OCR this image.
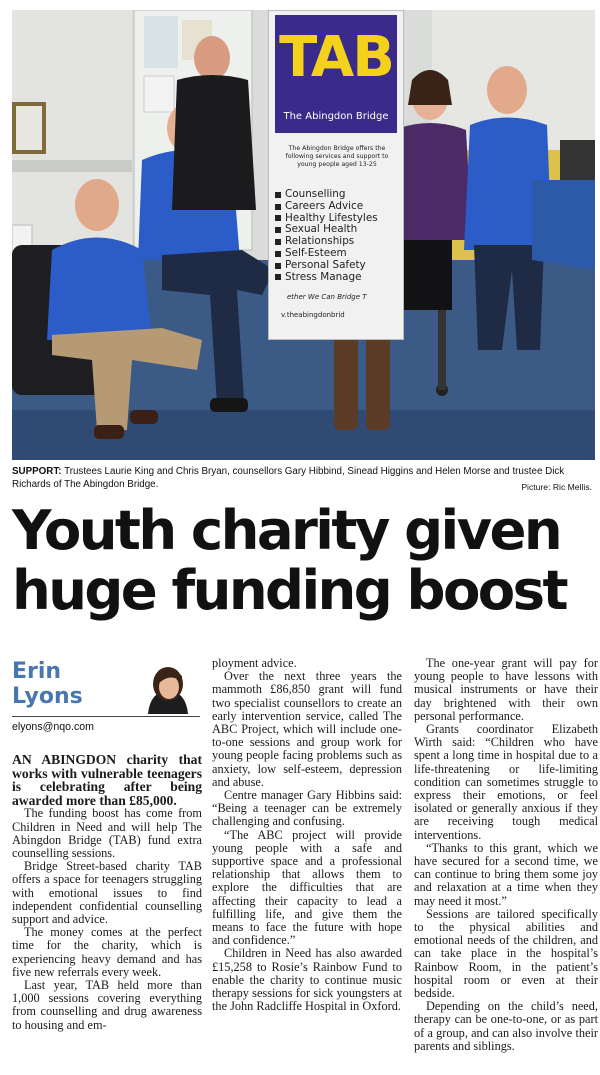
TAB
The Abingdon Bridge
The Abingdon Bridge offers the following services and support to young people aged 13-25
Counselling
Careers Advice
Healthy Lifestyles
Sexual Health
Relationships
Self-Esteem
Personal Safety
Stress Manage
ether We Can Bridge T
v.theabingdonbrid
SUPPORT: Trustees Laurie King and Chris Bryan, counsellors Gary Hibbind, Sinead Higgins and Helen Morse and trustee Dick Richards of The Abingdon Bridge.	Picture: Ric Mellis.
Youth charity given
huge funding boost
Erin
Lyons
elyons@nqo.com

AN ABINGDON charity that works with vulnerable teenagers is celebrating after being awarded more than £85,000.

The funding boost has come from Children in Need and will help The Abingdon Bridge (TAB) fund extra counselling sessions.

Bridge Street-based charity TAB offers a space for teenagers struggling with emotional issues to find independent confidential counselling support and advice.

The money comes at the perfect time for the charity, which is experiencing heavy demand and has five new referrals every week.

Last year, TAB held more than 1,000 sessions covering everything from counselling and drug awareness to housing and em-

ployment advice.

Over the next three years the mammoth £86,850 grant will fund two specialist counsellors to create an early intervention service, called The ABC Project, which will include one-to-one sessions and group work for young people facing problems such as anxiety, low self-esteem, depression and abuse.

Centre manager Gary Hibbins said: “Being a teenager can be extremely challenging and confusing.

“The ABC project will provide young people with a safe and supportive space and a professional relationship that allows them to explore the difficulties that are affecting their capacity to lead a fulfilling life, and give them the means to face the future with hope and confidence.”

Children in Need has also awarded £15,258 to Rosie’s Rainbow Fund to enable the charity to continue music therapy sessions for sick youngsters at the John Radcliffe Hospital in Oxford.

The one-year grant will pay for young people to have lessons with musical instruments or have their day brightened with their own personal performance.

Grants coordinator Elizabeth Wirth said: “Children who have spent a long time in hospital due to a life-threatening or life-limiting condition can sometimes struggle to express their emotions, or feel isolated or generally anxious if they are receiving tough medical interventions.

“Thanks to this grant, which we have secured for a second time, we can continue to bring them some joy and relaxation at a time when they may need it most.”

Sessions are tailored specifically to the physical abilities and emotional needs of the children, and can take place in the hospital’s Rainbow Room, in the patient’s hospital room or even at their bedside.

Depending on the child’s need, therapy can be one-to-one, or as part of a group, and can also involve their parents and siblings.
